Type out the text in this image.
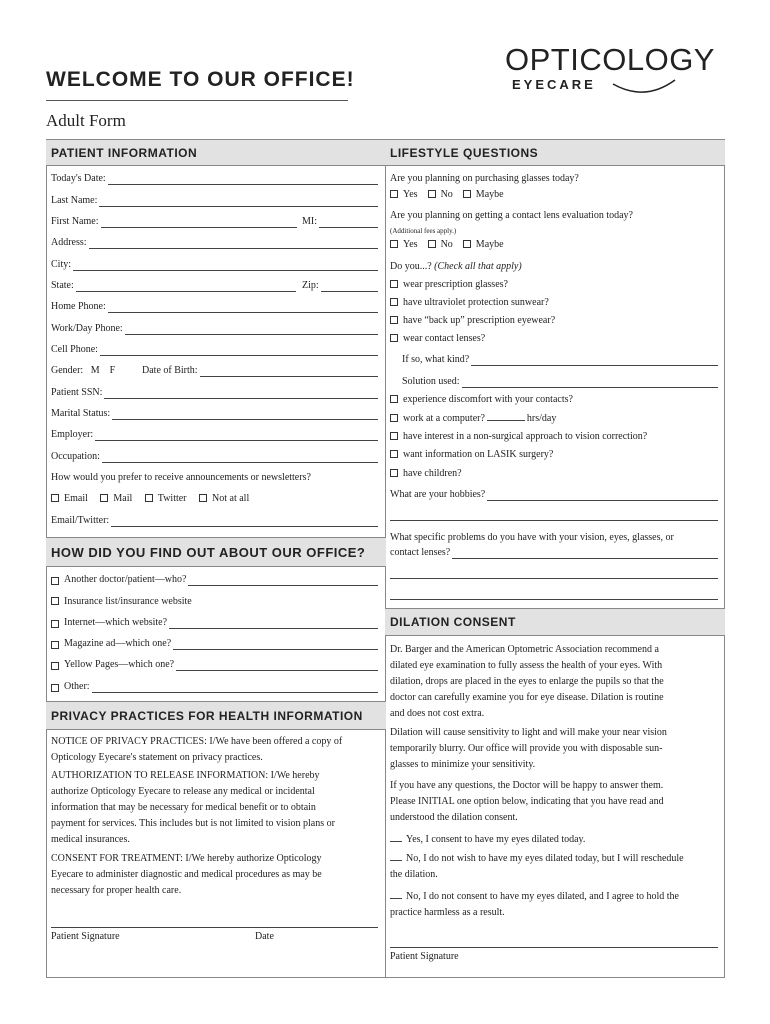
WELCOME TO OUR OFFICE!
Adult Form
OPTICOLOGY
EYECARE
PATIENT INFORMATION
HOW DID YOU FIND OUT ABOUT OUR OFFICE?
PRIVACY PRACTICES FOR HEALTH INFORMATION
LIFESTYLE QUESTIONS
DILATION CONSENT
Today's Date:
Last Name:
First Name:	MI:
Address:
City:
State:	Zip:
Home Phone:
Work/Day Phone:
Cell Phone:
Gender: M F	Date of Birth:
Patient SSN:
Marital Status:
Employer:
Occupation:
How would you prefer to receive announcements or newsletters?
Email	Mail	Twitter	Not at all
Email/Twitter:
Another doctor/patient—who?
Insurance list/insurance website
Internet—which website?
Magazine ad—which one?
Yellow Pages—which one?
Other:
NOTICE OF PRIVACY PRACTICES: I/We have been offered a copy of
Opticology Eyecare's statement on privacy practices.
AUTHORIZATION TO RELEASE INFORMATION: I/We hereby
authorize Opticology Eyecare to release any medical or incidental
information that may be necessary for medical benefit or to obtain
payment for services. This includes but is not limited to vision plans or
medical insurances.
CONSENT FOR TREATMENT: I/We hereby authorize Opticology
Eyecare to administer diagnostic and medical procedures as may be
necessary for proper health care.
Patient Signature	Date
Are you planning on purchasing glasses today?
Yes No Maybe
Are you planning on getting a contact lens evaluation today?
(Additional fees apply.)
Yes No Maybe
Do you...? (Check all that apply)
wear prescription glasses?
have ultraviolet protection sunwear?
have “back up” prescription eyewear?
wear contact lenses?
If so, what kind?
Solution used:
experience discomfort with your contacts?
work at a computer?	hrs/day
have interest in a non-surgical approach to vision correction?
want information on LASIK surgery?
have children?
What are your hobbies?
What specific problems do you have with your vision, eyes, glasses, or
contact lenses?
Dr. Barger and the American Optometric Association recommend a
dilated eye examination to fully assess the health of your eyes. With
dilation, drops are placed in the eyes to enlarge the pupils so that the
doctor can carefully examine you for eye disease. Dilation is routine
and does not cost extra.
Dilation will cause sensitivity to light and will make your near vision
temporarily blurry. Our office will provide you with disposable sun-
glasses to minimize your sensitivity.
If you have any questions, the Doctor will be happy to answer them.
Please INITIAL one option below, indicating that you have read and
understood the dilation consent.
Yes, I consent to have my eyes dilated today.
No, I do not wish to have my eyes dilated today, but I will reschedule
the dilation.
No, I do not consent to have my eyes dilated, and I agree to hold the
practice harmless as a result.
Patient Signature
